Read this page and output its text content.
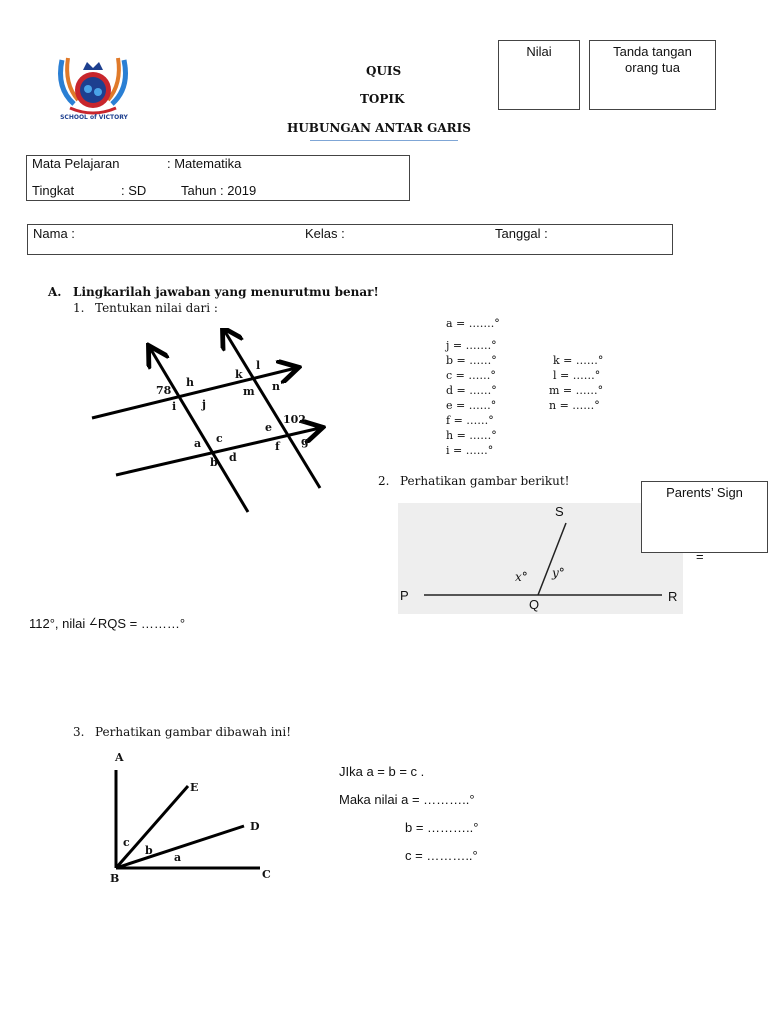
SCHOOL of VICTORY
QUIS
TOPIK
HUBUNGAN ANTAR GARIS
Nilai	Tanda tangan orang tua
Mata Pelajaran	: Matematika
Tingkat	: SD	Tahun : 2019
Nama :	Kelas :	Tanggal :
A. Lingkarilah jawaban yang menurutmu benar!
1. Tentukan nilai dari :
78
h
i j
k
l
m n
102
e
f g
a c
b d
a = …….°
j = …….°
b = ……°
c = ……°
d = ……°
e = ……°
f = ……°
h = ……°
i = ……°
k = ……°
l = ……°
m = ……°
n = ……°
2. Perhatikan gambar berikut!
S
P
Q
R
x° y°
Parents’ Sign
=
112°, nilai ∠RQS = ………°
3. Perhatikan gambar dibawah ini!
A
E
D
B	C
c
b
a
JIka a = b = c .
Maka nilai a = ………..°
b = ………..°
c = ………..°
